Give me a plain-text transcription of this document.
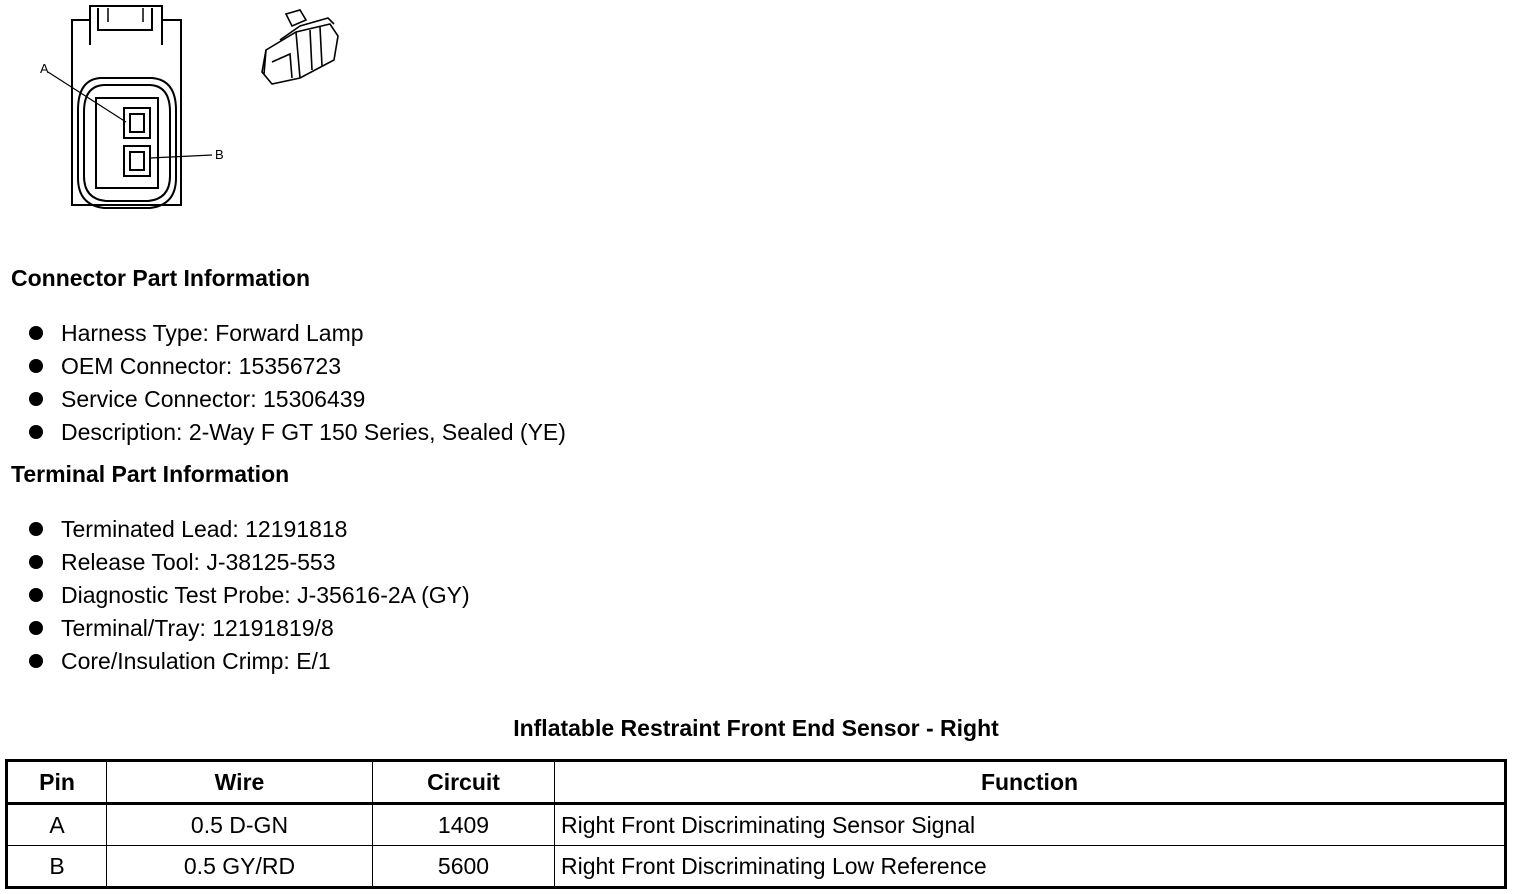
A
B
Connector Part Information
Harness Type: Forward Lamp
OEM Connector: 15356723
Service Connector: 15306439
Description: 2-Way F GT 150 Series, Sealed (YE)
Terminal Part Information
Terminated Lead: 12191818
Release Tool: J-38125-553
Diagnostic Test Probe: J-35616-2A (GY)
Terminal/Tray: 12191819/8
Core/Insulation Crimp: E/1
Inflatable Restraint Front End Sensor - Right
Pin	Wire	Circuit	Function
A	0.5 D-GN	1409	Right Front Discriminating Sensor Signal
B	0.5 GY/RD	5600	Right Front Discriminating Low Reference
